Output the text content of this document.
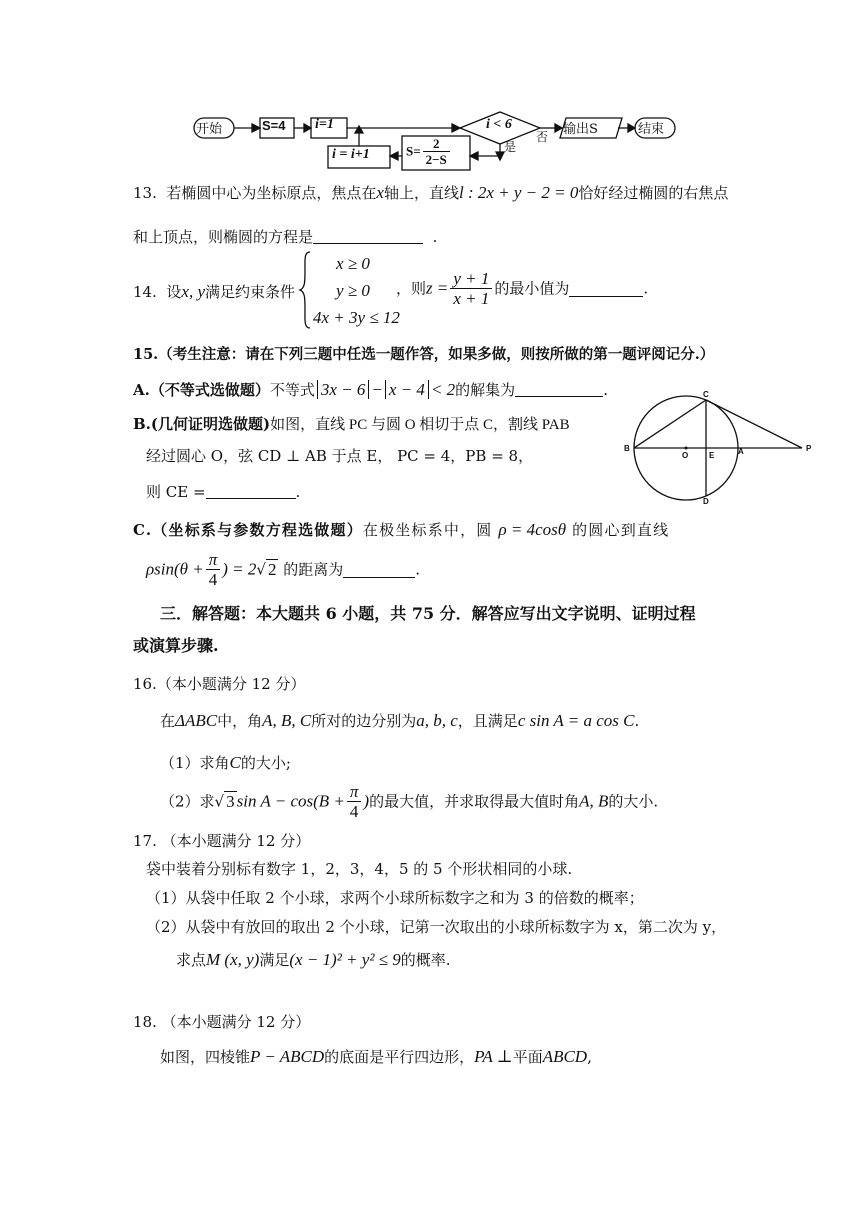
开始	S=4 i=1	i < 6
否 输出S	结束
是
i = i+1	$S= \frac{2}{2-S}$
13. 若椭圆中心为坐标原点，焦点在x轴上，直线l : 2x + y − 2 = 0恰好经过椭圆的右焦点
和上顶点，则椭圆的方程是	.
14. 设x, y满足约束条件
x ≥ 0
y ≥ 0
4x + 3y ≤ 12
，则$z = \frac{y + 1}{x + 1}$ 的最小值为	.
15.（考生注意：请在下列三题中任选一题作答，如果多做，则按所做的第一题评阅记分.）
A.（不等式选做题）不等式 3x − 6 − x − 4 < 2的解集为	.
B.(几何证明选做题)如图，直线 PC 与圆 O 相切于点 C，割线 PAB
经过圆心 O，弦 CD ⊥ AB 于点 E， PC = 4，PB = 8，
则 CE =	.
C
B
O	E	A	P
D
C.（坐标系与参数方程选做题）在极坐标系中，圆 ρ = 4cosθ 的圆心到直线
$\rho\sin(\theta + \frac{\pi}{4}$ ) = 2√ 2 的距离为	.
三．解答题：本大题共 6 小题，共 75 分．解答应写出文字说明、证明过程
或演算步骤.
16.（本小题满分 12 分）
在ΔABC中，角A, B, C所对的边分别为a, b, c，且满足c sin A = a cos C.
（1）求角C的大小;
（2）求√ 3 $\sin A - \cos(B + \frac{\pi}{4}$ )的最大值，并求取得最大值时角A, B的大小.
17. （本小题满分 12 分）
袋中装着分别标有数字 1，2，3，4，5 的 5 个形状相同的小球.
（1）从袋中任取 2 个小球，求两个小球所标数字之和为 3 的倍数的概率；
（2）从袋中有放回的取出 2 个小球，记第一次取出的小球所标数字为 x，第二次为 y，
求点M (x, y)满足(x − 1)² + y² ≤ 9的概率.
18. （本小题满分 12 分）
如图，四棱锥P − ABCD的底面是平行四边形，PA ⊥平面ABCD,
